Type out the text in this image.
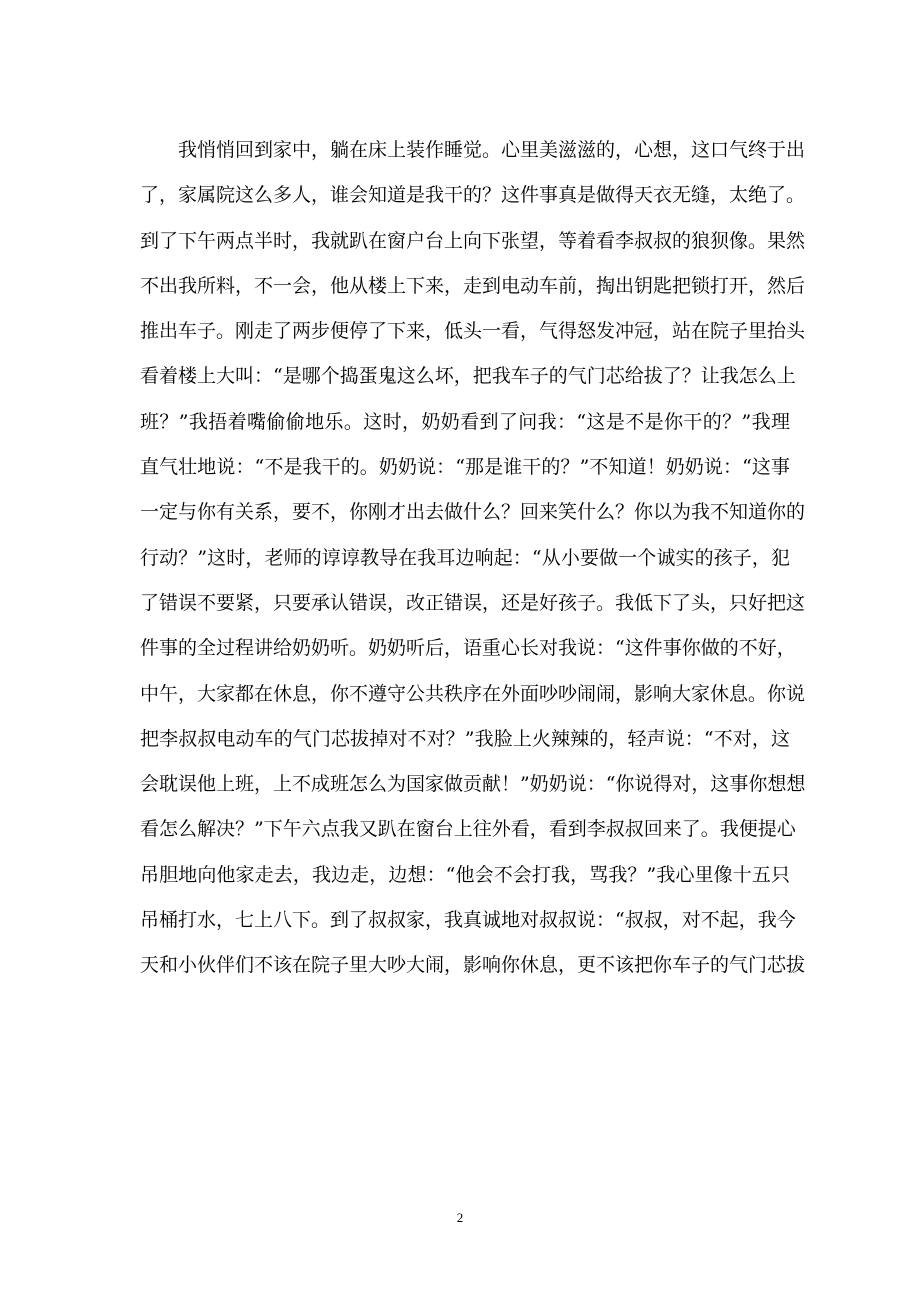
我悄悄回到家中，躺在床上装作睡觉。心里美滋滋的，心想，这口气终于出
了，家属院这么多人，谁会知道是我干的？这件事真是做得天衣无缝，太绝了。
到了下午两点半时，我就趴在窗户台上向下张望，等着看李叔叔的狼狈像。果然
不出我所料，不一会，他从楼上下来，走到电动车前，掏出钥匙把锁打开，然后
推出车子。刚走了两步便停了下来，低头一看，气得怒发冲冠，站在院子里抬头
看着楼上大叫：“是哪个捣蛋鬼这么坏，把我车子的气门芯给拔了？让我怎么上
班？”我捂着嘴偷偷地乐。这时，奶奶看到了问我：“这是不是你干的？”我理
直气壮地说：“不是我干的。奶奶说：“那是谁干的？”不知道！奶奶说：“这事
一定与你有关系，要不，你刚才出去做什么？回来笑什么？你以为我不知道你的
行动？”这时，老师的谆谆教导在我耳边响起：“从小要做一个诚实的孩子，犯
了错误不要紧，只要承认错误，改正错误，还是好孩子。我低下了头，只好把这
件事的全过程讲给奶奶听。奶奶听后，语重心长对我说：“这件事你做的不好，
中午，大家都在休息，你不遵守公共秩序在外面吵吵闹闹，影响大家休息。你说
把李叔叔电动车的气门芯拔掉对不对？”我脸上火辣辣的，轻声说：“不对，这
会耽误他上班，上不成班怎么为国家做贡献！”奶奶说：“你说得对，这事你想想
看怎么解决？”下午六点我又趴在窗台上往外看，看到李叔叔回来了。我便提心
吊胆地向他家走去，我边走，边想：“他会不会打我，骂我？”我心里像十五只
吊桶打水，七上八下。到了叔叔家，我真诚地对叔叔说：“叔叔，对不起，我今
天和小伙伴们不该在院子里大吵大闹，影响你休息，更不该把你车子的气门芯拔
2
